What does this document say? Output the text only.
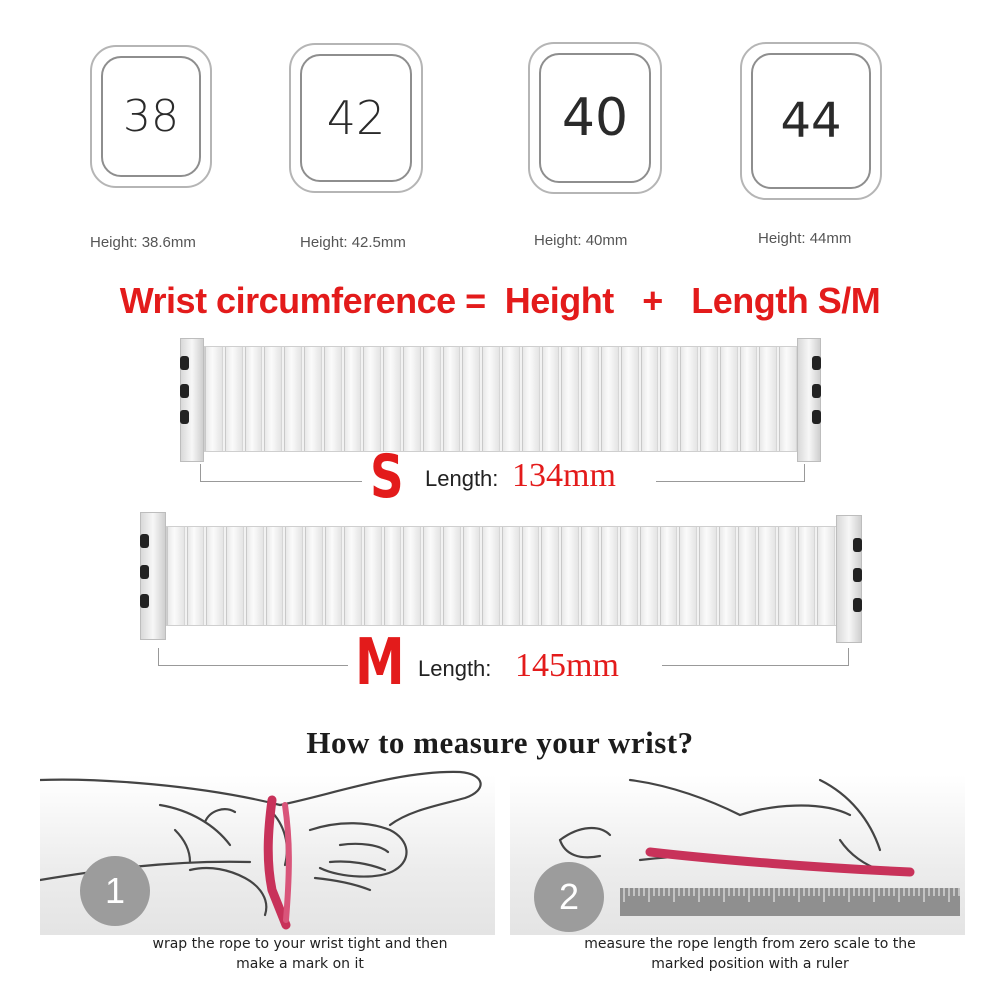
38
Height: 38.6mm
42
Height: 42.5mm
40
Height: 40mm
44
Height: 44mm
Wrist circumference = Height + Length S/M
S Length: 134mm
M Length: 145mm
How to measure your wrist?
1	2
wrap the rope to your wrist tight and then
make a mark on it
measure the rope length from zero scale to the
marked position with a ruler
